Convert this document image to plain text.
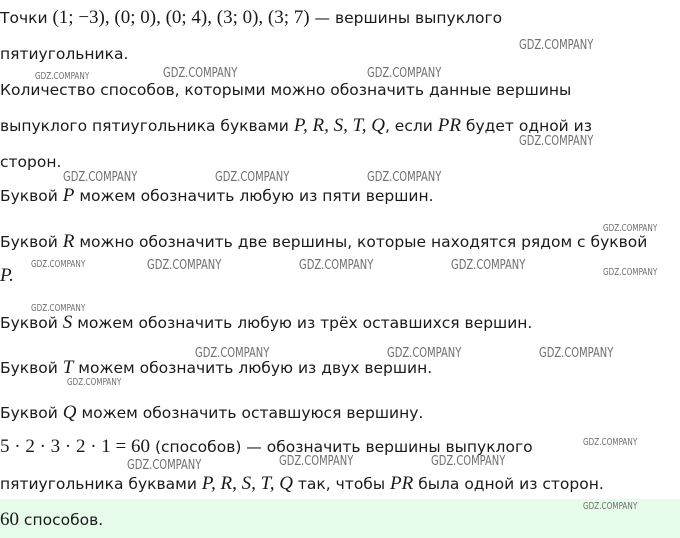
Точки (1; −3), (0; 0), (0; 4), (3; 0), (3; 7) — вершины выпуклого
пятиугольника.
Количество способов, которыми можно обозначить данные вершины
выпуклого пятиугольника буквами P, R, S, T, Q, если PR будет одной из
сторон.
Буквой P можем обозначить любую из пяти вершин.
Буквой R можно обозначить две вершины, которые находятся рядом с буквой
P.
Буквой S можем обозначить любую из трёх оставшихся вершин.
Буквой T можем обозначить любую из двух вершин.
Буквой Q можем обозначить оставшуюся вершину.
5 · 2 · 3 · 2 · 1 = 60 (способов) — обозначить вершины выпуклого
пятиугольника буквами P, R, S, T, Q так, чтобы PR была одной из сторон.
60 способов.
GDZ.COMPANY
GDZ.COMPANY	GDZ.COMPANY	GDZ.COMPANY
GDZ.COMPANY
GDZ.COMPANY	GDZ.COMPANY	GDZ.COMPANY
GDZ.COMPANY
GDZ.COMPANY	GDZ.COMPANY	GDZ.COMPANY	GDZ.COMPANY	GDZ.COMPANY
GDZ.COMPANY
GDZ.COMPANY	GDZ.COMPANY	GDZ.COMPANY
GDZ.COMPANY
GDZ.COMPANY
GDZ.COMPANY	GDZ.COMPANY	GDZ.COMPANY
GDZ.COMPANY
